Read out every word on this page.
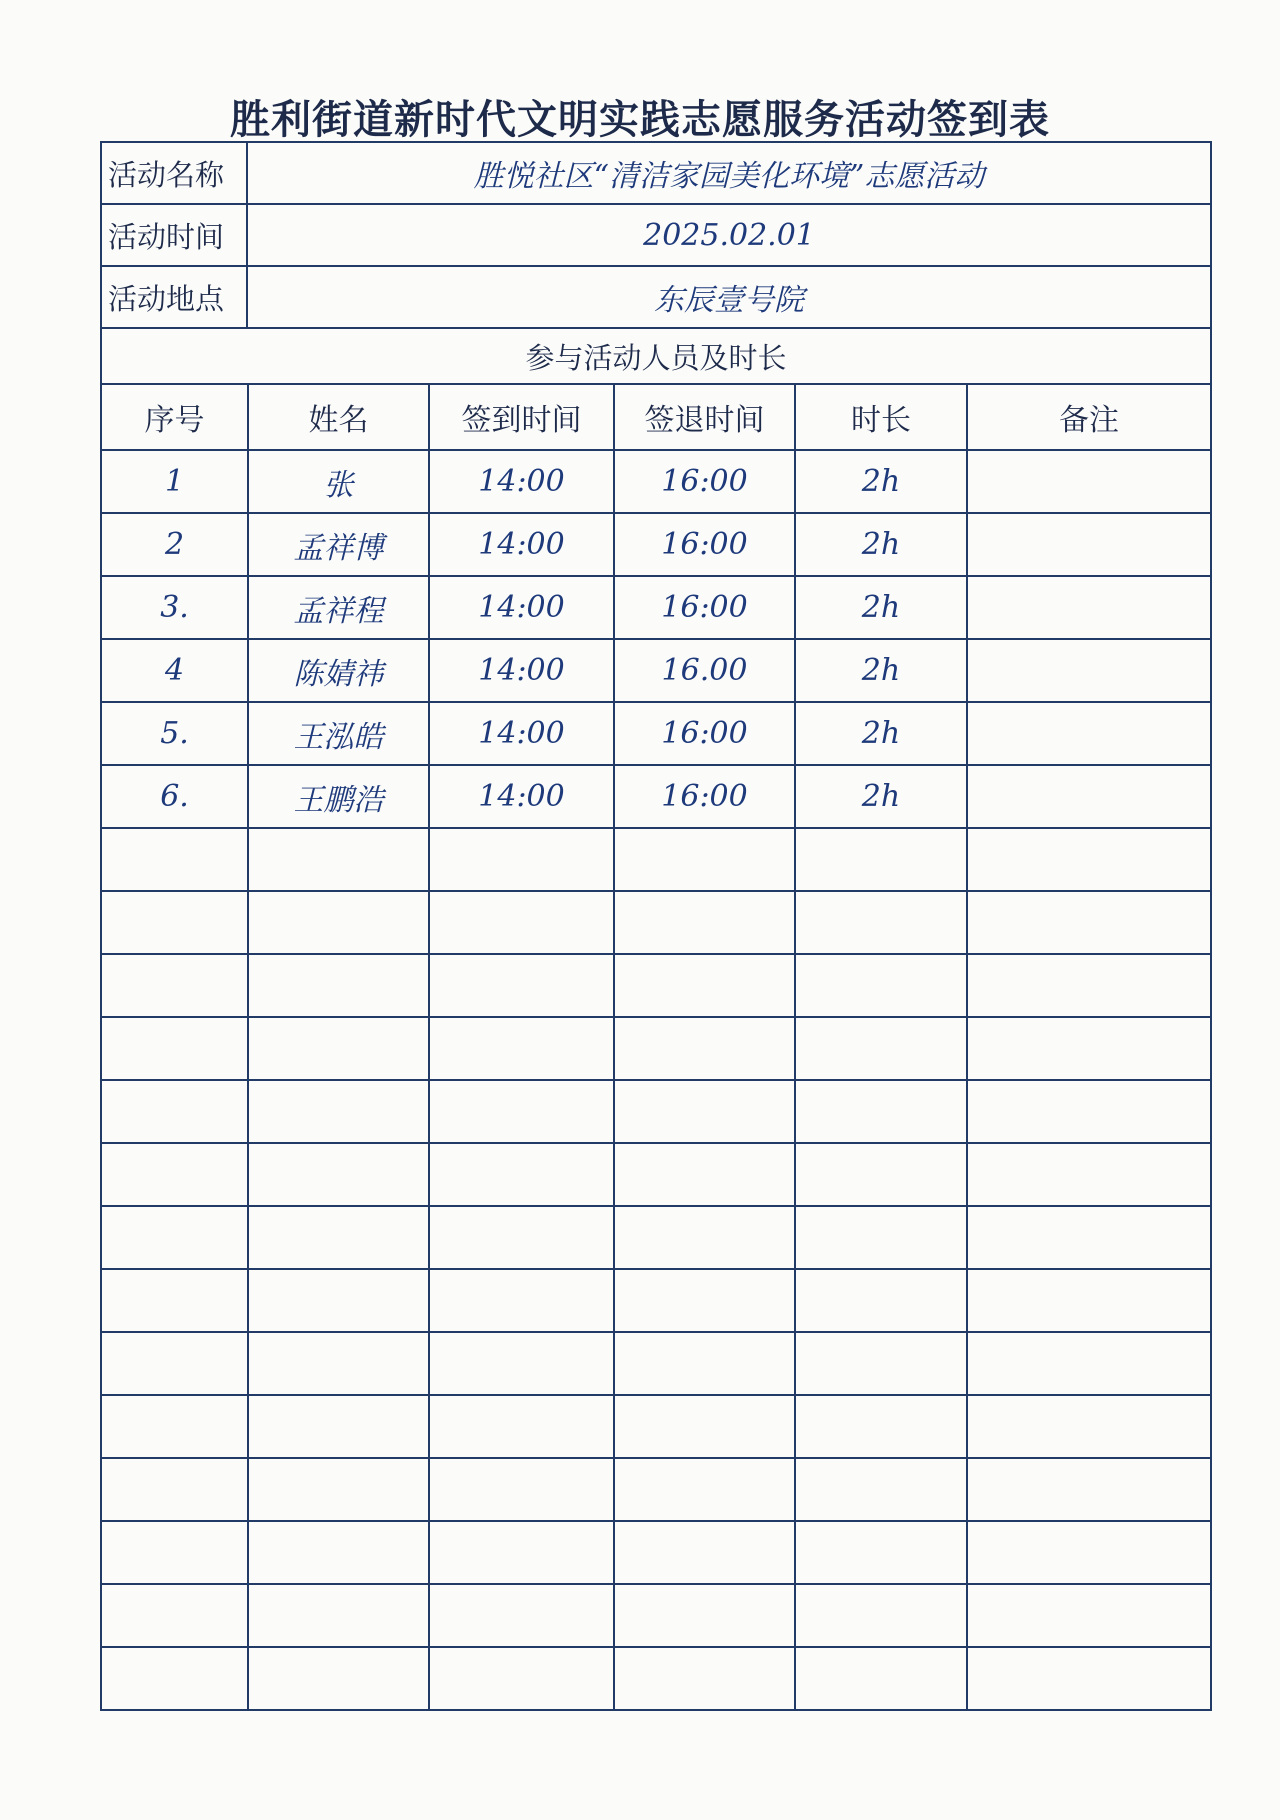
胜利街道新时代文明实践志愿服务活动签到表
活动名称	胜悦社区“清洁家园美化环境”志愿活动
活动时间	2025.02.01
活动地点	东辰壹号院
参与活动人员及时长
序号	姓名	签到时间	签退时间	时长	备注
1	张	14:00	16:00	2h	
2	孟祥博	14:00	16:00	2h	
3.	孟祥程	14:00	16:00	2h	
4	陈婧祎	14:00	16.00	2h	
5.	王泓皓	14:00	16:00	2h	
6.	王鹏浩	14:00	16:00	2h	
